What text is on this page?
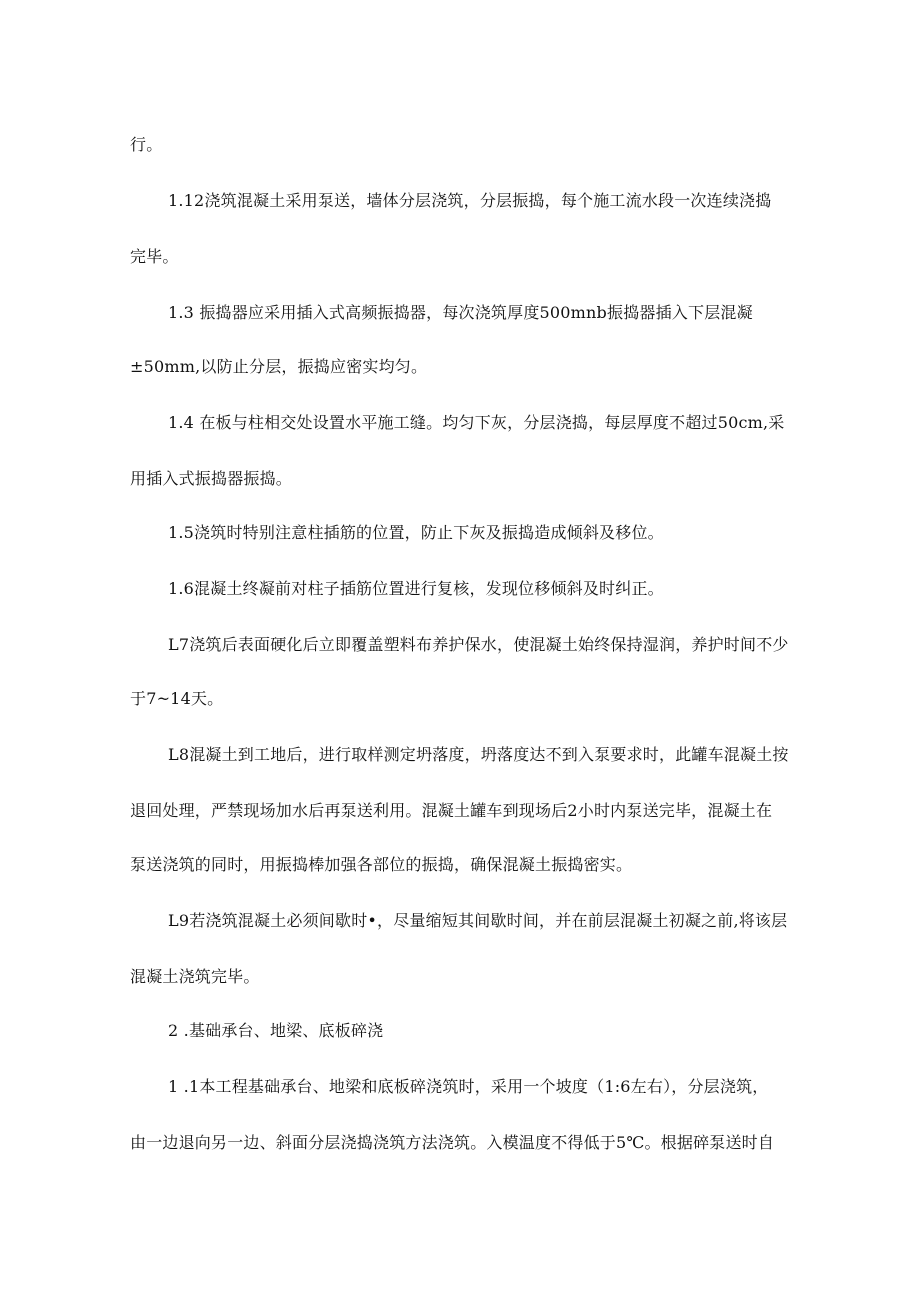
行。
1.12浇筑混凝土采用泵送，墙体分层浇筑，分层振捣，每个施工流水段一次连续浇捣
完毕。
1.3 振捣器应采用插入式高频振捣器，每次浇筑厚度500mnb振捣器插入下层混凝
±50mm,以防止分层，振捣应密实均匀。
1.4 在板与柱相交处设置水平施工缝。均匀下灰，分层浇捣，每层厚度不超过50cm,采
用插入式振捣器振捣。
1.5浇筑时特别注意柱插筋的位置，防止下灰及振捣造成倾斜及移位。
1.6混凝土终凝前对柱子插筋位置进行复核，发现位移倾斜及时纠正。
L7浇筑后表面硬化后立即覆盖塑料布养护保水，使混凝土始终保持湿润，养护时间不少
于7~14天。
L8混凝土到工地后，进行取样测定坍落度，坍落度达不到入泵要求时，此罐车混凝土按
退回处理，严禁现场加水后再泵送利用。混凝土罐车到现场后2小时内泵送完毕，混凝土在
泵送浇筑的同时，用振捣棒加强各部位的振捣，确保混凝土振捣密实。
L9若浇筑混凝土必须间歇时•，尽量缩短其间歇时间，并在前层混凝土初凝之前,将该层
混凝土浇筑完毕。
2 .基础承台、地梁、底板碎浇
1 .1本工程基础承台、地梁和底板碎浇筑时，采用一个坡度（1:6左右），分层浇筑，
由一边退向另一边、斜面分层浇捣浇筑方法浇筑。入模温度不得低于5℃。根据碎泵送时自
